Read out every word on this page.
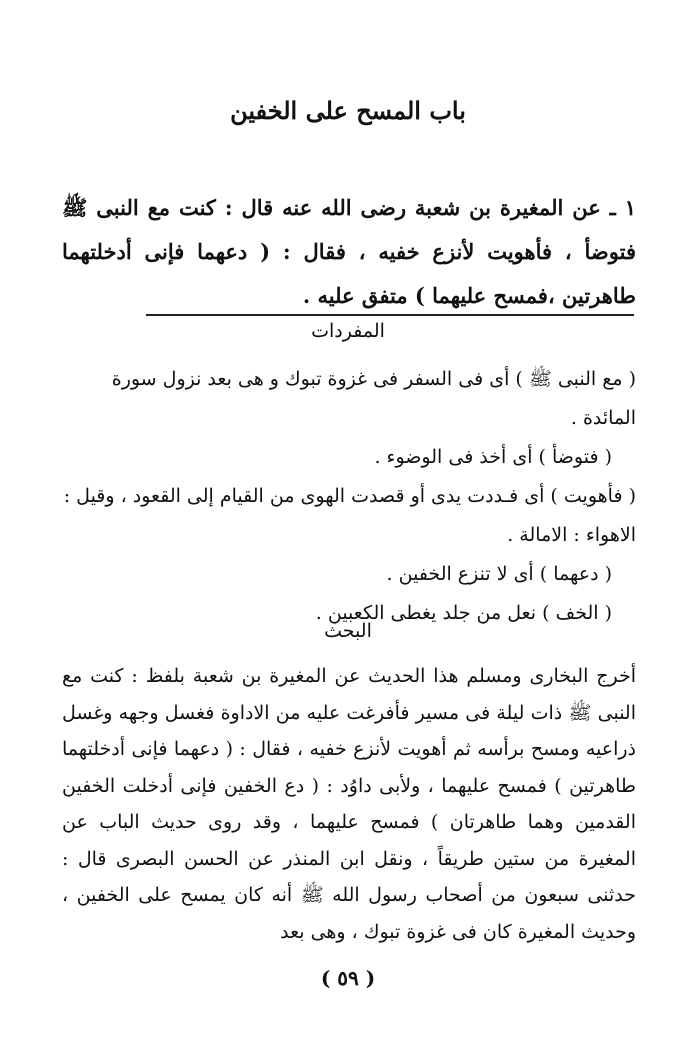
باب المسح على الخفين

١ ـ عن المغيرة بن شعبة رضى الله عنه قال : كنت مع النبى ﷺ فتوضأ ، فأهويت لأنزع خفيه ، فقال : ( دعهما فإنى أدخلتهما طاهرتين ،فمسح عليهما ) متفق عليه .

المفردات

( مع النبى ﷺ ) أى فى السفر فى غزوة تبوك و هى بعد نزول سورة المائدة .

( فتوضأ ) أى أخذ فى الوضوء .

( فأهويت ) أى فـددت يدى أو قصدت الهوى من القيام إلى القعود ، وقيل : الاهواء : الامالة .

( دعهما ) أى لا تنزع الخفين .

( الخف ) نعل من جلد يغطى الكعبين .

البحث

أخرج البخارى ومسلم هذا الحديث عن المغيرة بن شعبة بلفظ : كنت مع النبى ﷺ ذات ليلة فى مسير فأفرغت عليه من الاداوة فغسل وجهه وغسل ذراعيه ومسح برأسه ثم أهويت لأنزع خفيه ، فقال : ( دعهما فإنى أدخلتهما طاهرتين ) فمسح عليهما ، ولأبى داوُد : ( دع الخفين فإنى أدخلت الخفين القدمين وهما طاهرتان ) فمسح عليهما ، وقد روى حديث الباب عن المغيرة من ستين طريقاً ، ونقل ابن المنذر عن الحسن البصرى قال : حدثنى سبعون من أصحاب رسول الله ﷺ أنه كان يمسح على الخفين ، وحديث المغيرة كان فى غزوة تبوك ، وهى بعد

( ٥٩ )
